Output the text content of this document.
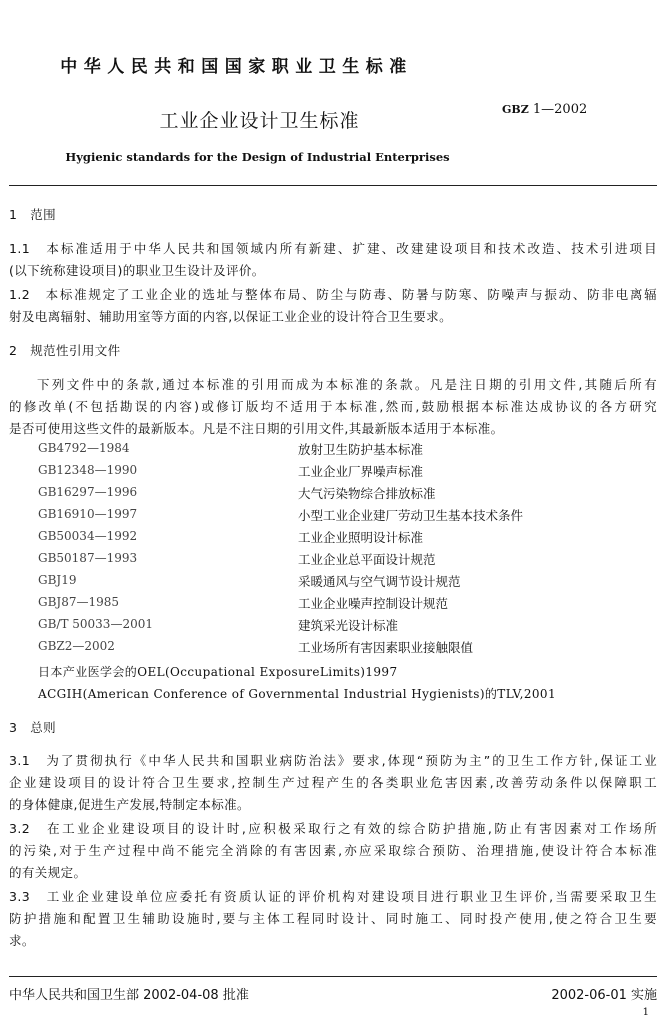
中华人民共和国国家职业卫生标准
工业企业设计卫生标准
GBZ 1—2002
Hygienic standards for the Design of Industrial Enterprises
1　范围
1.1　本标准适用于中华人民共和国领域内所有新建、扩建、改建建设项目和技术改造、技术引进项目
(以下统称建设项目)的职业卫生设计及评价。
1.2　本标准规定了工业企业的选址与整体布局、防尘与防毒、防暑与防寒、防噪声与振动、防非电离辐
射及电离辐射、辅助用室等方面的内容,以保证工业企业的设计符合卫生要求。
2　规范性引用文件
下列文件中的条款,通过本标准的引用而成为本标准的条款。凡是注日期的引用文件,其随后所有
的修改单(不包括勘误的内容)或修订版均不适用于本标准,然而,鼓励根据本标准达成协议的各方研究
是否可使用这些文件的最新版本。凡是不注日期的引用文件,其最新版本适用于本标准。
GB4792—1984	放射卫生防护基本标准
GB12348—1990	工业企业厂界噪声标准
GB16297—1996	大气污染物综合排放标准
GB16910—1997	小型工业企业建厂劳动卫生基本技术条件
GB50034—1992	工业企业照明设计标准
GB50187—1993	工业企业总平面设计规范
GBJ19	采暖通风与空气调节设计规范
GBJ87—1985	工业企业噪声控制设计规范
GB/T 50033—2001	建筑采光设计标准
GBZ2—2002	工业场所有害因素职业接触限值
日本产业医学会的OEL(Occupational ExposureLimits)1997
ACGIH(American Conference of Governmental Industrial Hygienists)的TLV,2001
3　总则
3.1　为了贯彻执行《中华人民共和国职业病防治法》要求,体现“预防为主”的卫生工作方针,保证工业
企业建设项目的设计符合卫生要求,控制生产过程产生的各类职业危害因素,改善劳动条件以保障职工
的身体健康,促进生产发展,特制定本标准。
3.2　在工业企业建设项目的设计时,应积极采取行之有效的综合防护措施,防止有害因素对工作场所
的污染,对于生产过程中尚不能完全消除的有害因素,亦应采取综合预防、治理措施,使设计符合本标准
的有关规定。
3.3　工业企业建设单位应委托有资质认证的评价机构对建设项目进行职业卫生评价,当需要采取卫生
防护措施和配置卫生辅助设施时,要与主体工程同时设计、同时施工、同时投产使用,使之符合卫生要
求。
中华人民共和国卫生部 2002-04-08 批准	2002-06-01 实施
1
